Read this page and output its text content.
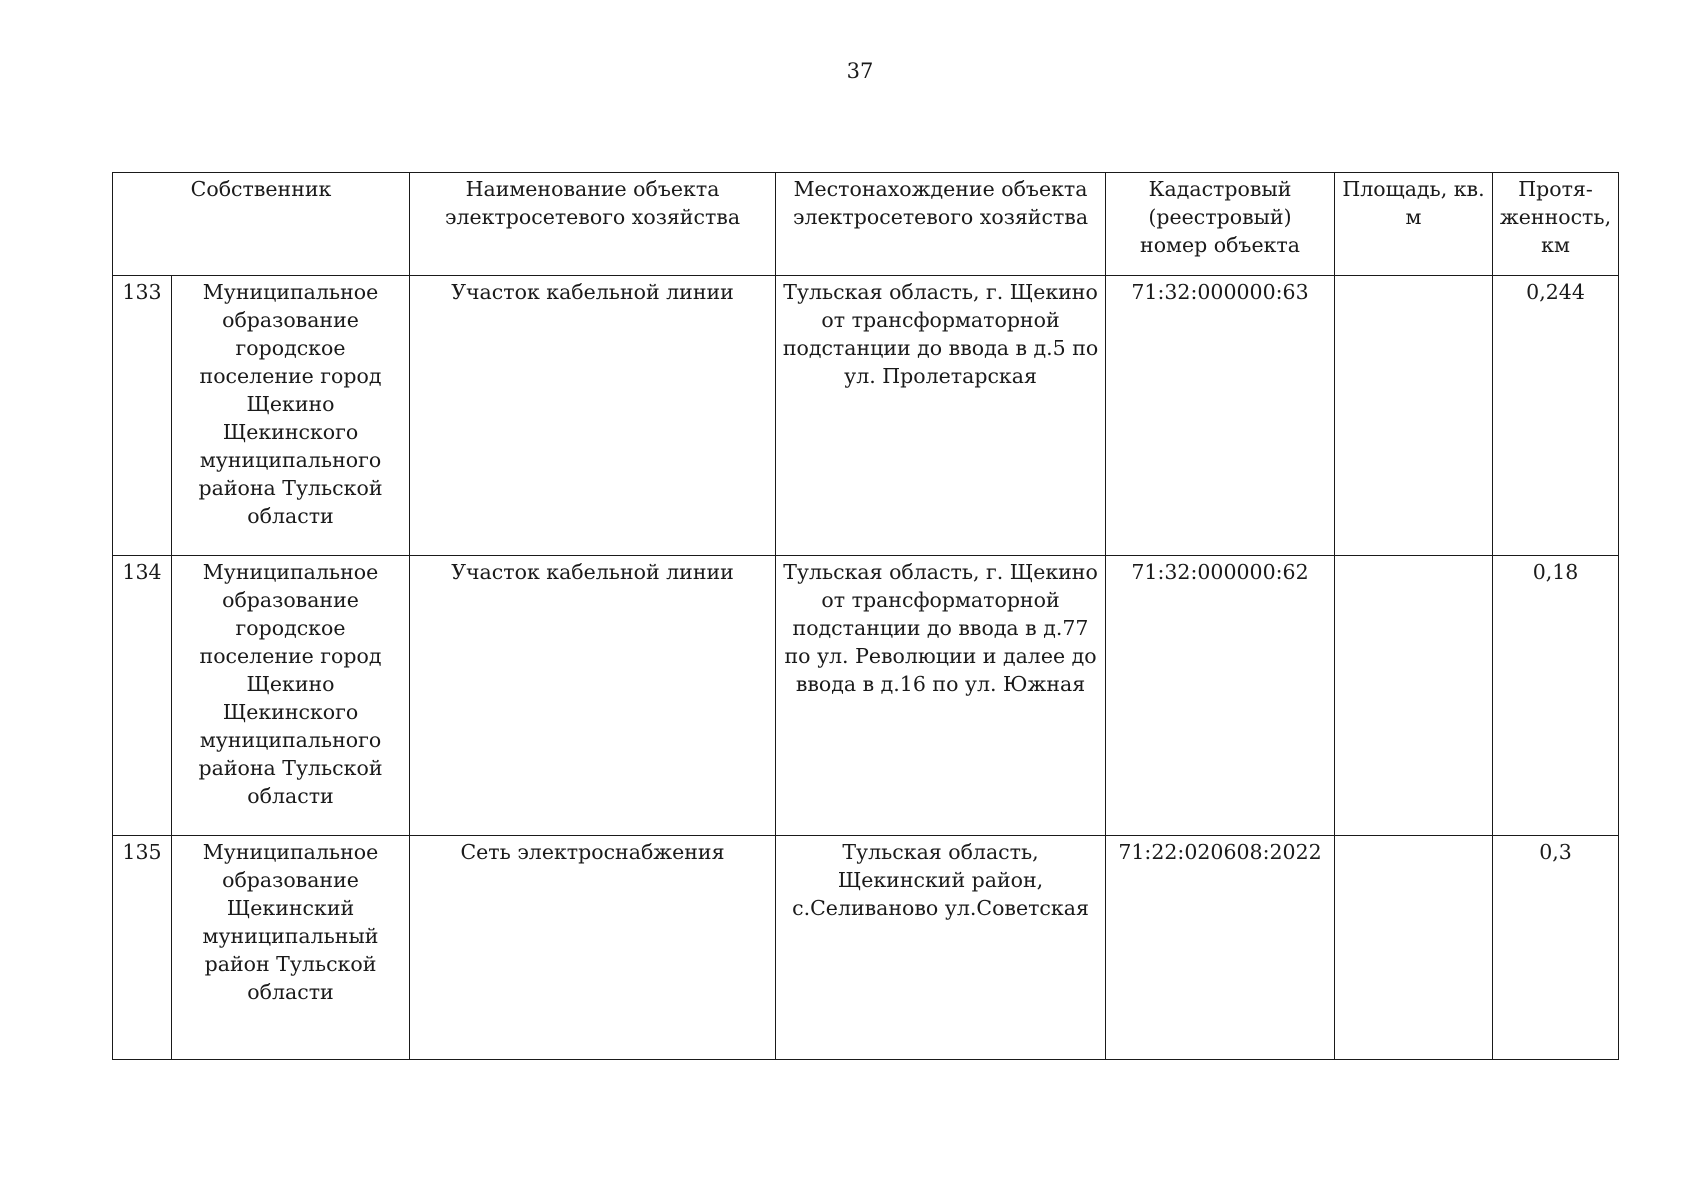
37
Собственник		Наименование объекта электросетевого хозяйства	Местонахождение объекта электросетевого хозяйства	Кадастровый (реестровый) номер объекта	Площадь, кв. м	Протя-женность, км
133	Муниципальное образование городское поселение город Щекино Щекинского муниципального района Тульской области	Участок кабельной линии	Тульская область, г. Щекино от трансформаторной подстанции до ввода в д.5 по ул. Пролетарская	71:32:000000:63		0,244
134	Муниципальное образование городское поселение город Щекино Щекинского муниципального района Тульской области	Участок кабельной линии	Тульская область, г. Щекино от трансформаторной подстанции до ввода в д.77 по ул. Революции и далее до ввода в д.16 по ул. Южная	71:32:000000:62		0,18
135	Муниципальное образование Щекинский муниципальный район Тульской области	Сеть электроснабжения	Тульская область, Щекинский район, с.Селиваново ул.Советская	71:22:020608:2022		0,3
